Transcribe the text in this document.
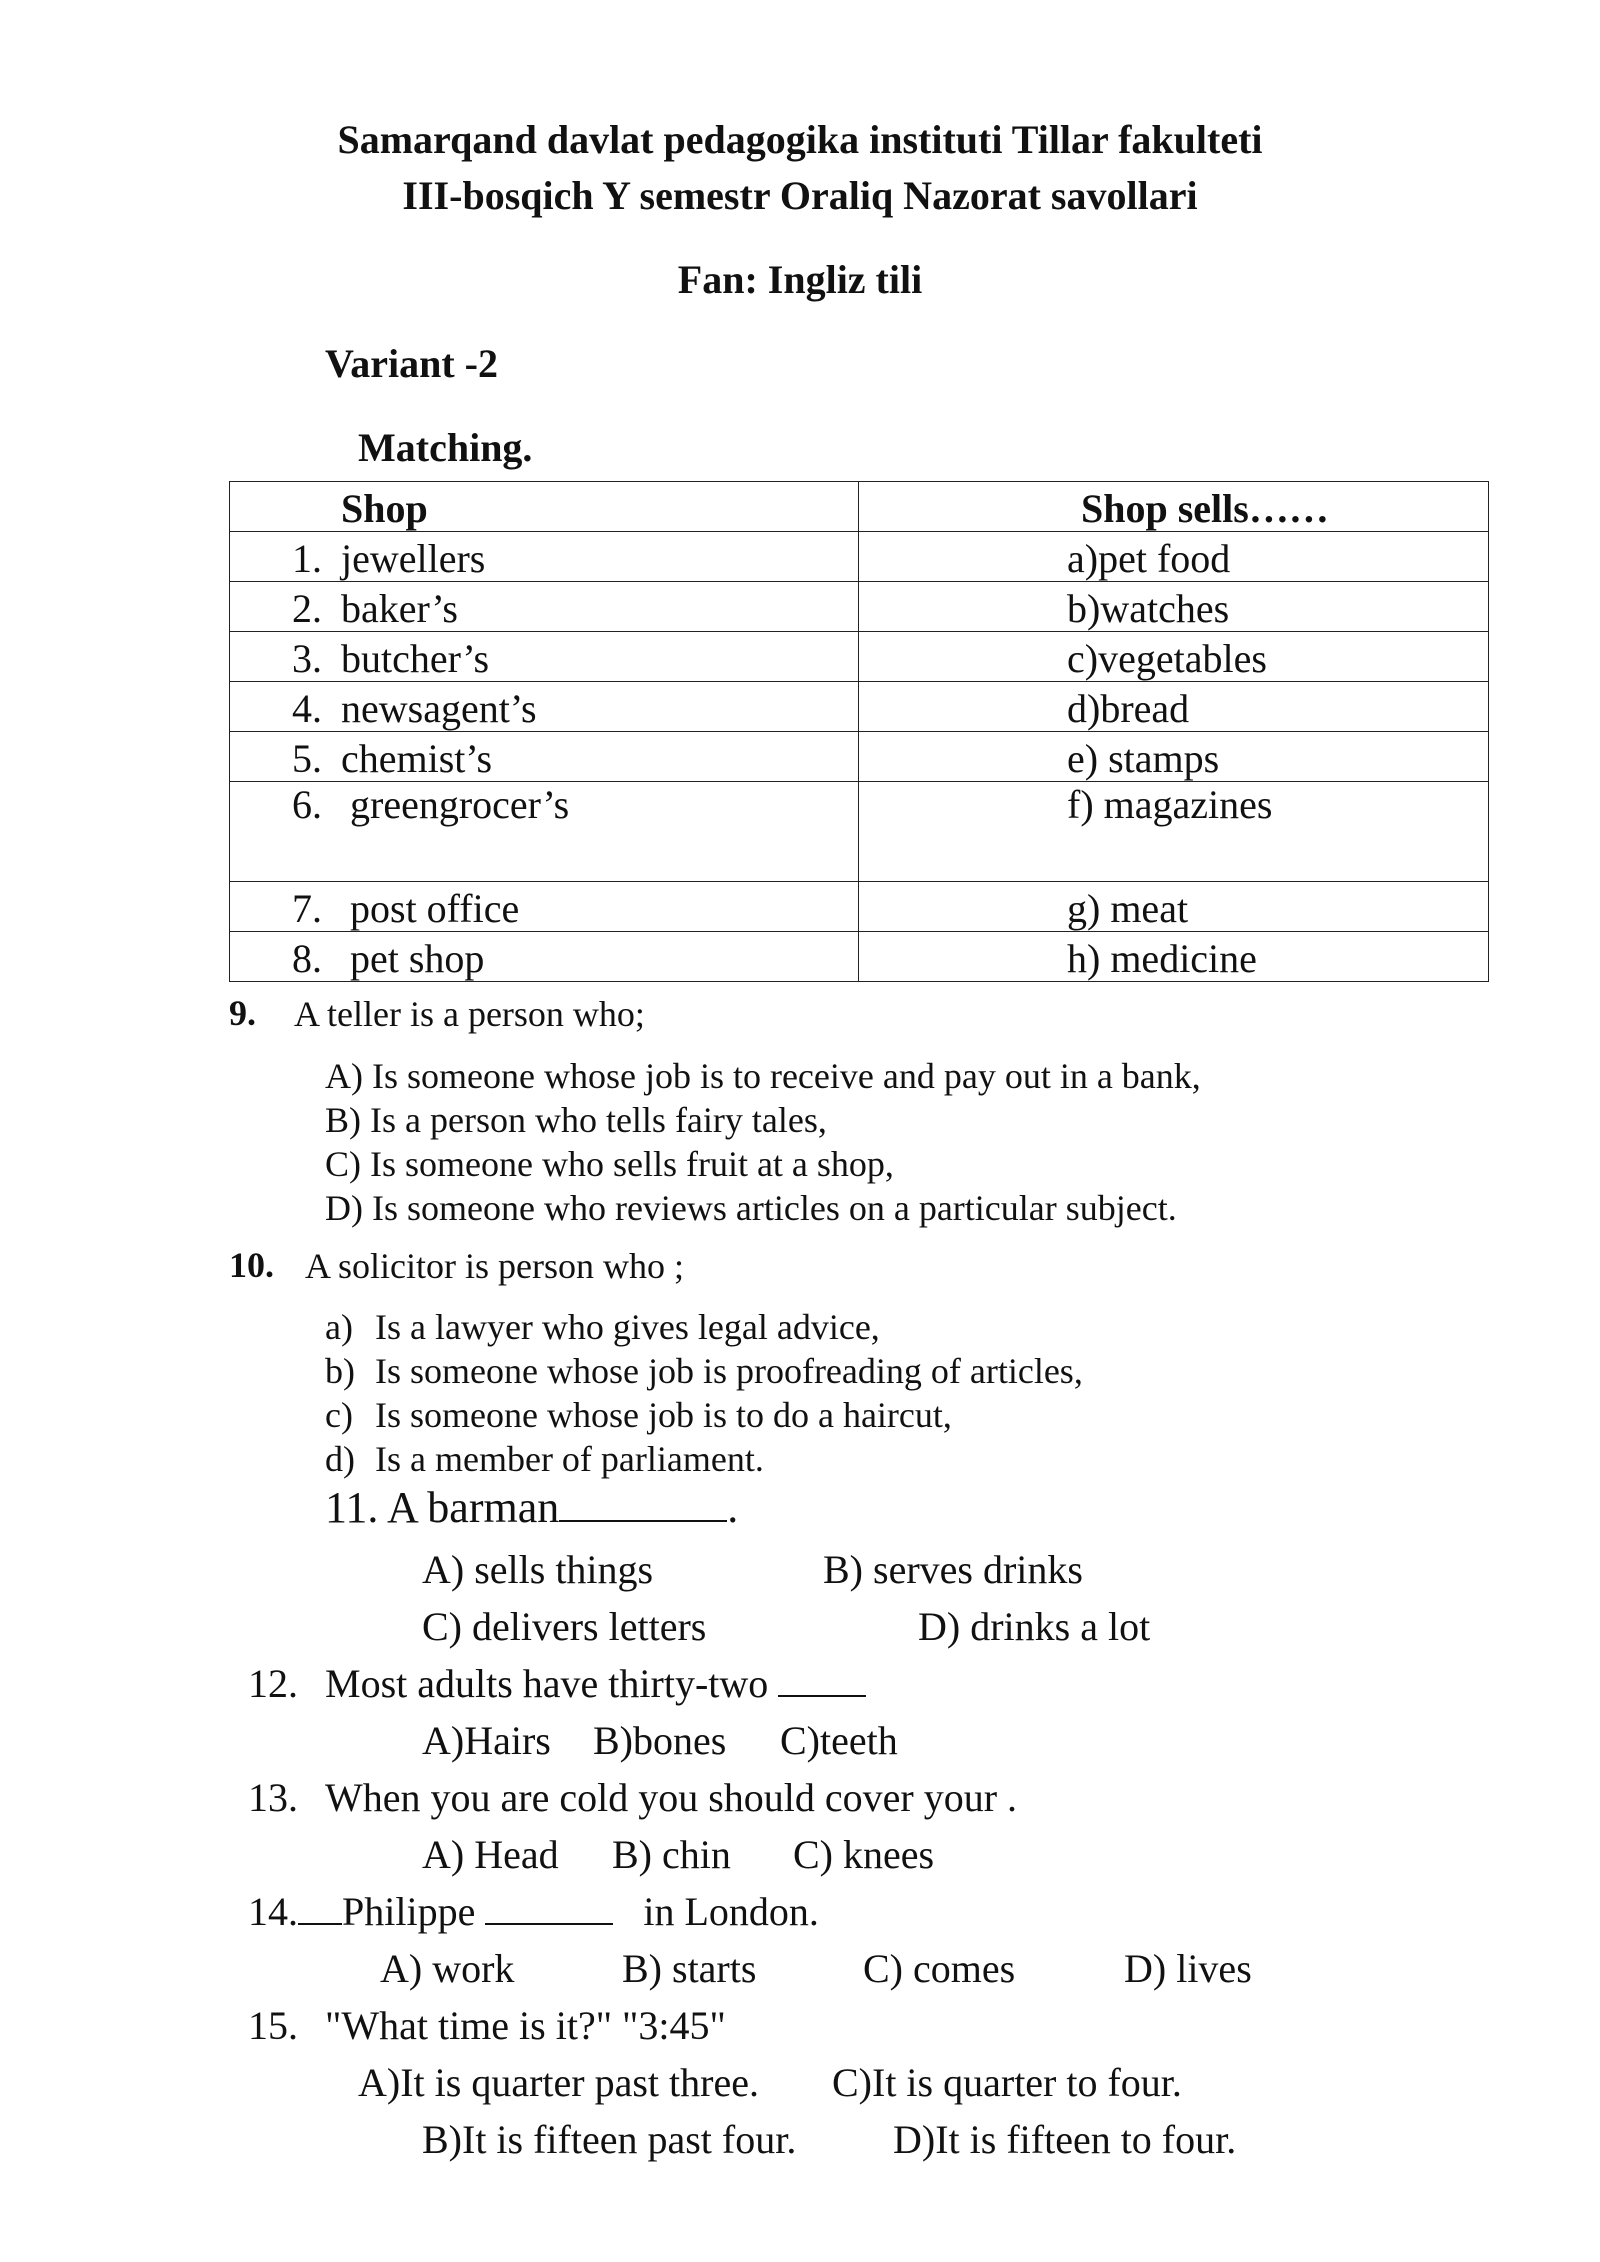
Samarqand davlat pedagogika instituti Tillar fakulteti
III-bosqich Y semestr Oraliq Nazorat savollari
Fan: Ingliz tili
Variant -2
Matching.
Shop	Shop sells……

1. jewellers	a)pet food

2. baker’s	b)watches

3. butcher’s	c)vegetables

4. newsagent’s	d)bread

5. chemist’s	e) stamps

6. greengrocer’s	f) magazines

7. post office	g) meat

8. pet shop	h) medicine
9. A teller is a person who;
A) Is someone whose job is to receive and pay out in a bank,
B) Is a person who tells fairy tales,
C) Is someone who sells fruit at a shop,
D) Is someone who reviews articles on a particular subject.
10. A solicitor is person who ;
a) Is a lawyer who gives legal advice,
b) Is someone whose job is proofreading of articles,
c) Is someone whose job is to do a haircut,
d) Is a member of parliament.
11. A barman	.
A) sells things	B) serves drinks
C) delivers letters	D) drinks a lot
12. Most adults have thirty-two
A)Hairs B)bones C)teeth
13. When you are cold you should cover your .
A) Head B) chin C) knees
14. Philippe	in London.
A) work	B) starts	C) comes	D) lives
15. "What time is it?" "3:45"
A)It is quarter past three. C)It is quarter to four.
B)It is fifteen past four. D)It is fifteen to four.
